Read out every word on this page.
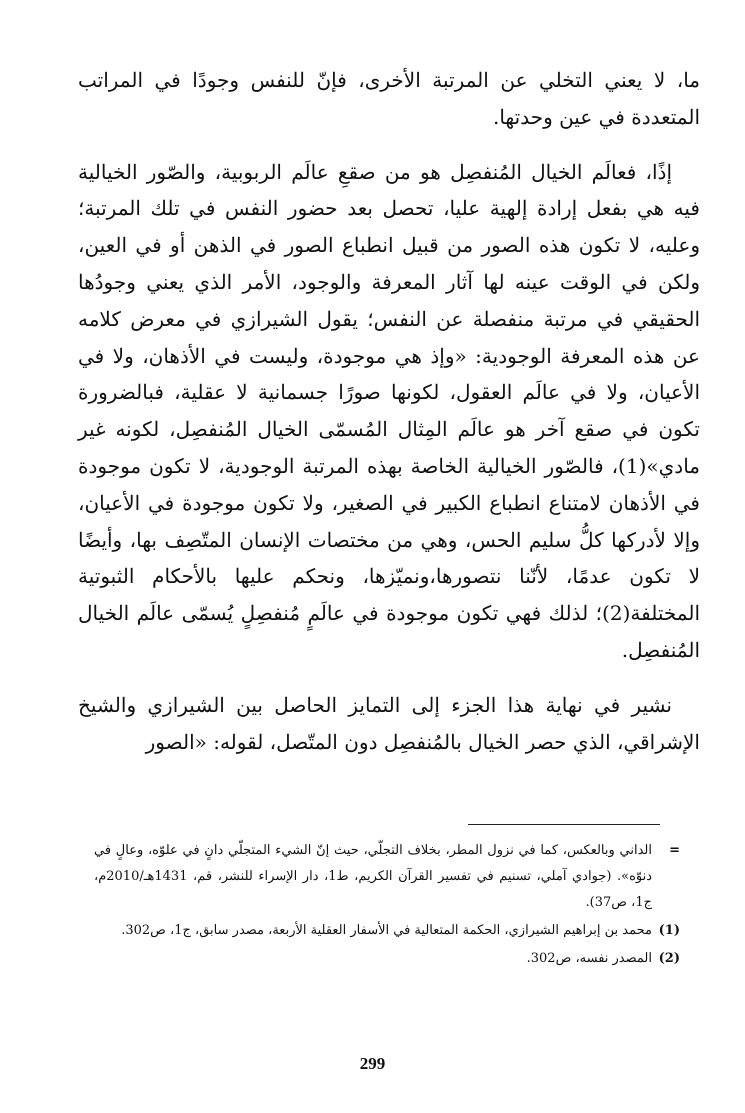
ما، لا يعني التخلي عن المرتبة الأخرى، فإنّ للنفس وجودًا في المراتب المتعددة في عين وحدتها.

إذًا، فعالَم الخيال المُنفصِل هو من صقعِ عالَم الربوبية، والصّور الخيالية فيه هي بفعل إرادة إلهية عليا، تحصل بعد حضور النفس في تلك المرتبة؛ وعليه، لا تكون هذه الصور من قبيل انطباع الصور في الذهن أو في العين، ولكن في الوقت عينه لها آثار المعرفة والوجود، الأمر الذي يعني وجودُها الحقيقي في مرتبة منفصلة عن النفس؛ يقول الشيرازي في معرض كلامه عن هذه المعرفة الوجودية: «وإذ هي موجودة، وليست في الأذهان، ولا في الأعيان، ولا في عالَم العقول، لكونها صورًا جسمانية لا عقلية، فبالضرورة تكون في صقع آخر هو عالَم المِثال المُسمّى الخيال المُنفصِل، لكونه غير مادي»(1)، فالصّور الخيالية الخاصة بهذه المرتبة الوجودية، لا تكون موجودة في الأذهان لامتناع انطباع الكبير في الصغير، ولا تكون موجودة في الأعيان، وإلا لأدركها كلُّ سليم الحس، وهي من مختصات الإنسان المتّصِف بها، وأيضًا لا تكون عدمًا، لأنّنا نتصورها،ونميّزها، ونحكم عليها بالأحكام الثبوتية المختلفة(2)؛ لذلك فهي تكون موجودة في عالَمٍ مُنفصِلٍ يُسمّى عالَم الخيال المُنفصِل.

نشير في نهاية هذا الجزء إلى التمايز الحاصل بين الشيرازي والشيخ الإشراقي، الذي حصر الخيال بالمُنفصِل دون المتّصل، لقوله: «الصور

=
الداني وبالعكس، كما في نزول المطر، بخلاف التجلّي، حيث إنّ الشيء المتجلّي دانٍ في علوّه، وعالٍ في دنوّه». (جوادي آملي، تسنيم في تفسير القرآن الكريم، ط1، دار الإسراء للنشر، قم، 1431هـ/2010م، ج1، ص37).
(1)
محمد بن إبراهيم الشيرازي، الحكمة المتعالية في الأسفار العقلية الأربعة، مصدر سابق، ج1، ص302.
(2)
المصدر نفسه، ص302.
299
